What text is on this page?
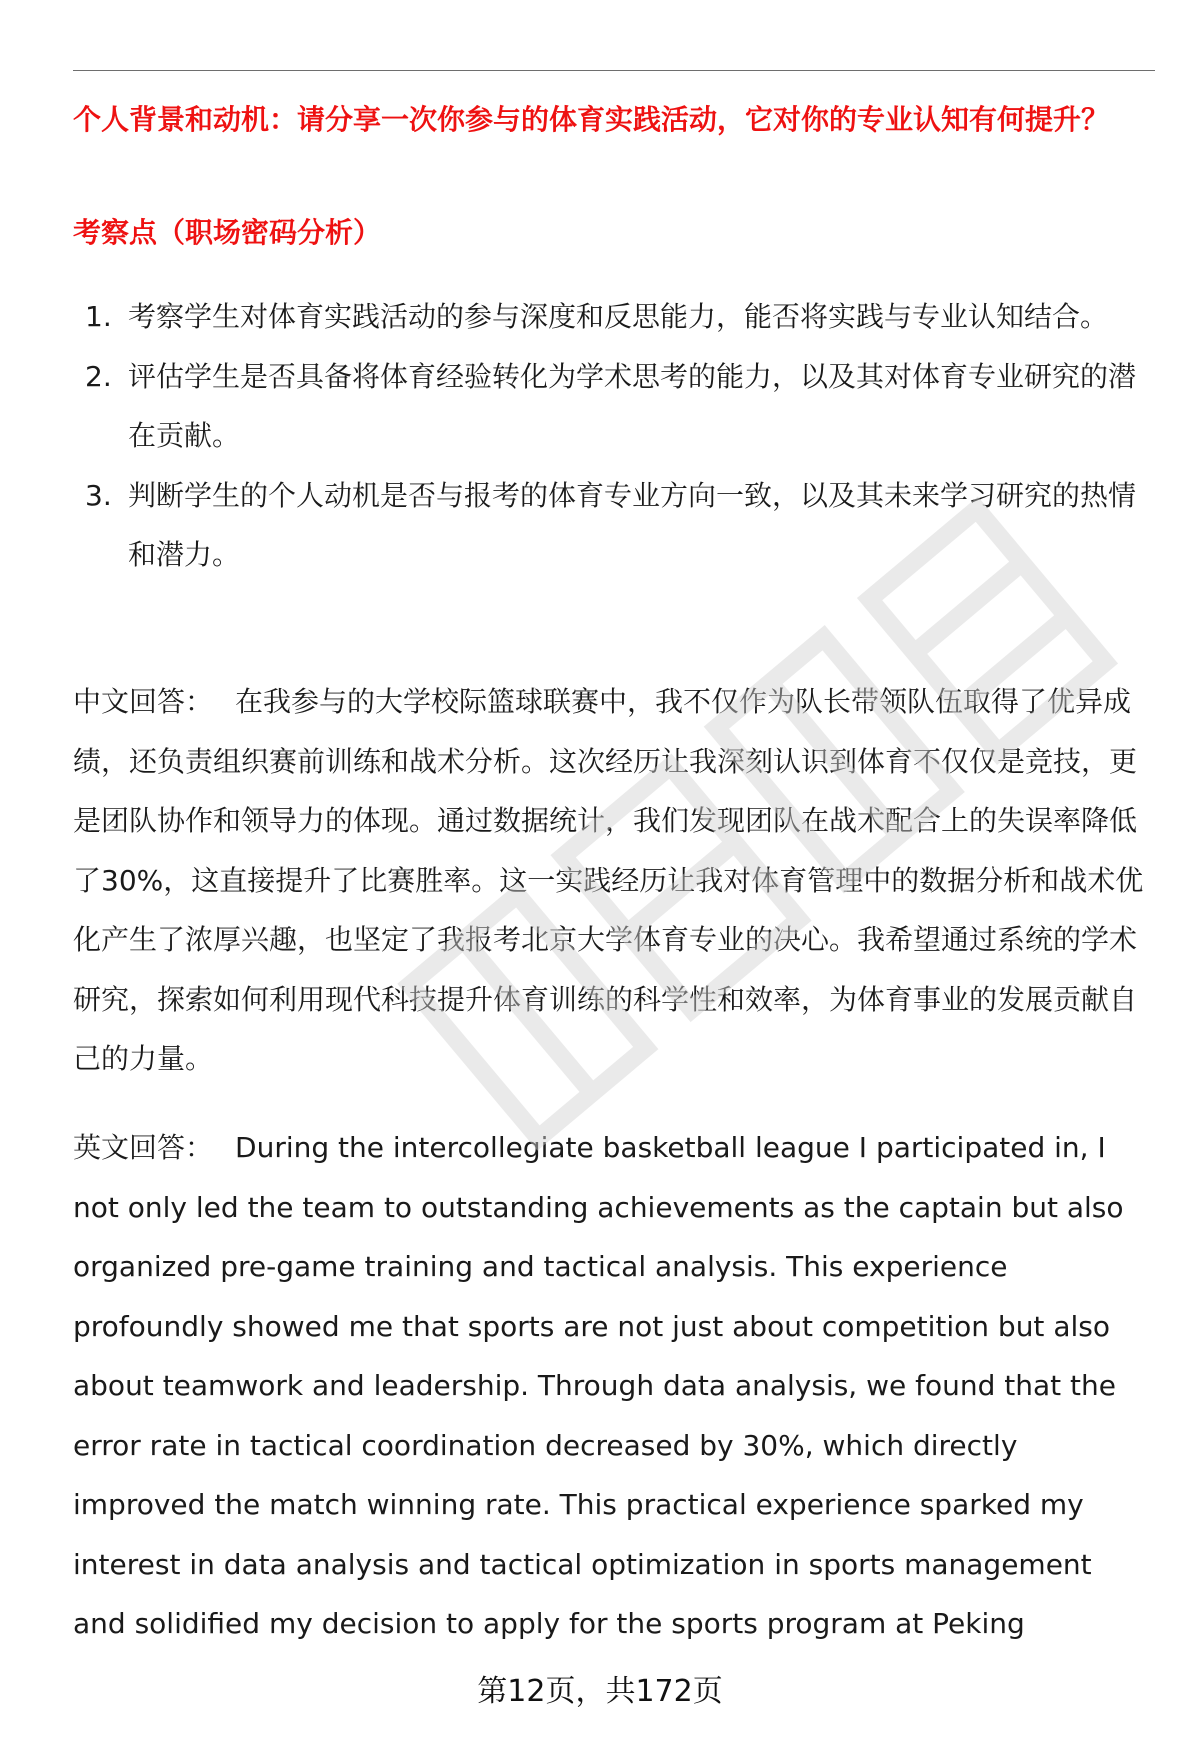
个人背景和动机：请分享一次你参与的体育实践活动，它对你的专业认知有何提升？

考察点（职场密码分析）

1. 考察学生对体育实践活动的参与深度和反思能力，能否将实践与专业认知结合。
2. 评估学生是否具备将体育经验转化为学术思考的能力，以及其对体育专业研究的潜在贡献。
3. 判断学生的个人动机是否与报考的体育专业方向一致，以及其未来学习研究的热情和潜力。

中文回答： 在我参与的大学校际篮球联赛中，我不仅作为队长带领队伍取得了优异成绩，还负责组织赛前训练和战术分析。这次经历让我深刻认识到体育不仅仅是竞技，更是团队协作和领导力的体现。通过数据统计，我们发现团队在战术配合上的失误率降低了30%，这直接提升了比赛胜率。这一实践经历让我对体育管理中的数据分析和战术优化产生了浓厚兴趣，也坚定了我报考北京大学体育专业的决心。我希望通过系统的学术研究，探索如何利用现代科技提升体育训练的科学性和效率，为体育事业的发展贡献自己的力量。

英文回答： During the intercollegiate basketball league I participated in, I not only led the team to outstanding achievements as the captain but also organized pre-game training and tactical analysis. This experience profoundly showed me that sports are not just about competition but also about teamwork and leadership. Through data analysis, we found that the error rate in tactical coordination decreased by 30%, which directly improved the match winning rate. This practical experience sparked my interest in data analysis and tactical optimization in sports management and solidified my decision to apply for the sports program at Peking

第12页，共172页
